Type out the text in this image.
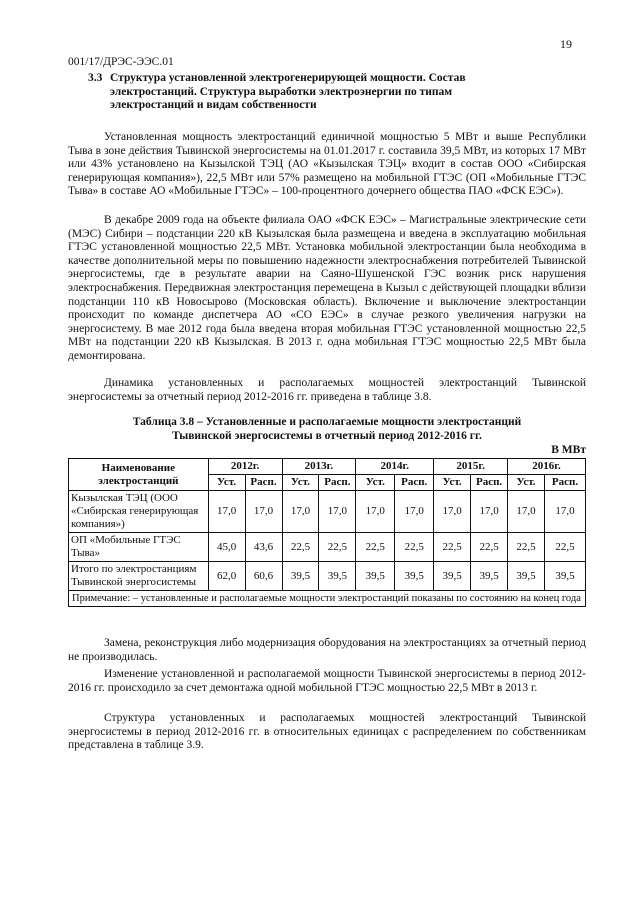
19
001/17/ДРЭС-ЭЭС.01
3.3 Структура установленной электрогенерирующей мощности. Состав
электростанций. Структура выработки электроэнергии по типам
электростанций и видам собственности

Установленная мощность электростанций единичной мощностью 5 МВт и выше Республики Тыва в зоне действия Тывинской энергосистемы на 01.01.2017 г. составила 39,5 МВт, из которых 17 МВт или 43% установлено на Кызылской ТЭЦ (АО «Кызылская ТЭЦ» входит в состав ООО «Сибирская генерирующая компания»), 22,5 МВт или 57% размещено на мобильной ГТЭС (ОП «Мобильные ГТЭС Тыва» в составе АО «Мобильные ГТЭС» – 100-процентного дочернего общества ПАО «ФСК ЕЭС»).

В декабре 2009 года на объекте филиала ОАО «ФСК ЕЭС» – Магистральные электрические сети (МЭС) Сибири – подстанции 220 кВ Кызылская была размещена и введена в эксплуатацию мобильная ГТЭС установленной мощностью 22,5 МВт. Установка мобильной электростанции была необходима в качестве дополнительной меры по повышению надежности электроснабжения потребителей Тывинской энергосистемы, где в результате аварии на Саяно-Шушенской ГЭС возник риск нарушения электроснабжения. Передвижная электростанция перемещена в Кызыл с действующей площадки вблизи подстанции 110 кВ Новосырово (Московская область). Включение и выключение электростанции происходит по команде диспетчера АО «СО ЕЭС» в случае резкого увеличения нагрузки на энергосистему. В мае 2012 года была введена вторая мобильная ГТЭС установленной мощностью 22,5 МВт на подстанции 220 кВ Кызылская. В 2013 г. одна мобильная ГТЭС мощностью 22,5 МВт была демонтирована.

Динамика установленных и располагаемых мощностей электростанций Тывинской энергосистемы за отчетный период 2012-2016 гг. приведена в таблице 3.8.

Таблица 3.8 – Установленные и располагаемые мощности электростанций
Тывинской энергосистемы в отчетный период 2012-2016 гг.
В МВт
Наименование электростанций	2012г.		2013г.		2014г.		2015г.		2016г.	
	Уст.	Расп.	Уст.	Расп.	Уст.	Расп.	Уст.	Расп.	Уст.	Расп.
Кызылская ТЭЦ (ООО «Сибирская генерирующая компания»)	17,0	17,0	17,0	17,0	17,0	17,0	17,0	17,0	17,0	17,0
ОП «Мобильные ГТЭС Тыва»	45,0	43,6	22,5	22,5	22,5	22,5	22,5	22,5	22,5	22,5
Итого по электростанциям Тывинской энергосистемы	62,0	60,6	39,5	39,5	39,5	39,5	39,5	39,5	39,5	39,5
Примечание: – установленные и располагаемые мощности электростанций показаны по состоянию на конец года										

Замена, реконструкция либо модернизация оборудования на электростанциях за отчетный период не производилась.

Изменение установленной и располагаемой мощности Тывинской энергосистемы в период 2012-2016 гг. происходило за счет демонтажа одной мобильной ГТЭС мощностью 22,5 МВт в 2013 г.

Структура установленных и располагаемых мощностей электростанций Тывинской энергосистемы в период 2012-2016 гг. в относительных единицах с распределением по собственникам представлена в таблице 3.9.
